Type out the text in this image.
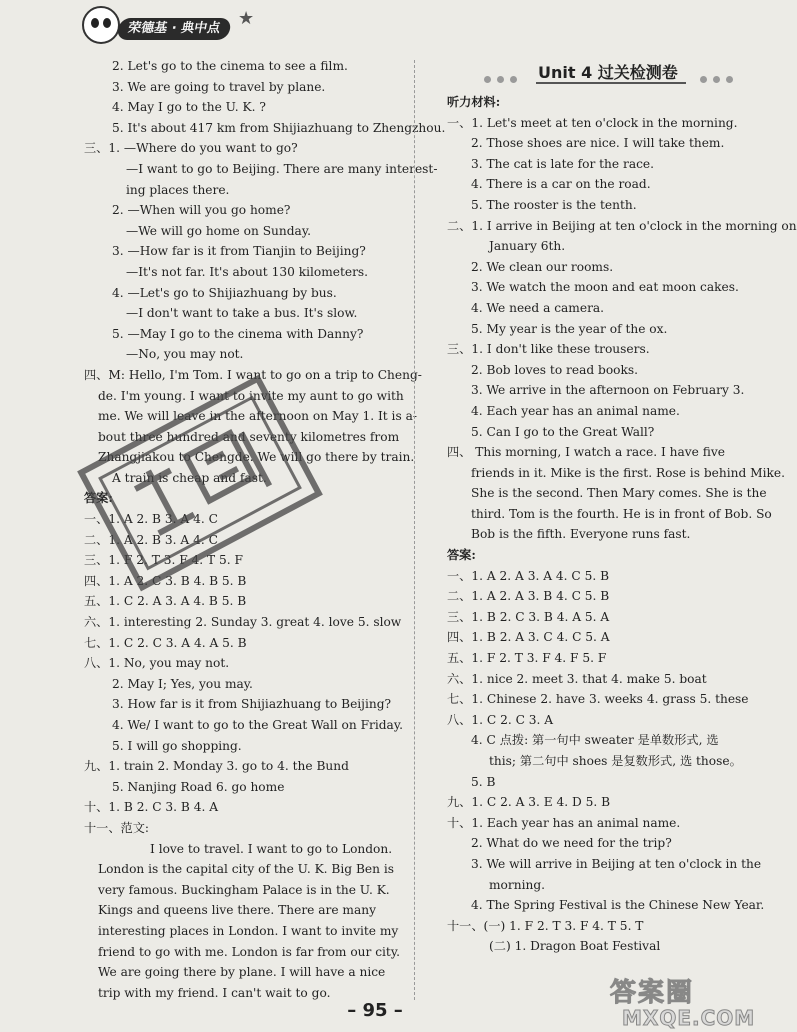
荣德基 · 典中点 ★
2. Let's go to the cinema to see a film.
3. We are going to travel by plane.
4. May I go to the U. K. ?
5. It's about 417 km from Shijiazhuang to Zhengzhou.
三、1. —Where do you want to go?
—I want to go to Beijing. There are many interest-
ing places there.
2. —When will you go home?
—We will go home on Sunday.
3. —How far is it from Tianjin to Beijing?
—It's not far. It's about 130 kilometers.
4. —Let's go to Shijiazhuang by bus.
—I don't want to take a bus. It's slow.
5. —May I go to the cinema with Danny?
—No, you may not.
四、M: Hello, I'm Tom. I want to go on a trip to Cheng-
de. I'm young. I want to invite my aunt to go with
me. We will leave in the afternoon on May 1. It is a-
bout three hundred and seventy kilometres from
Zhangjiakou to Chengde. We will go there by train.
A train is cheap and fast.
答案:
一、1. A 2. B 3. A 4. C
二、1. A 2. B 3. A 4. C
三、1. F 2. T 3. F 4. T 5. F
四、1. A 2. C 3. B 4. B 5. B
五、1. C 2. A 3. A 4. B 5. B
六、1. interesting 2. Sunday 3. great 4. love 5. slow
七、1. C 2. C 3. A 4. A 5. B
八、1. No, you may not.
2. May I; Yes, you may.
3. How far is it from Shijiazhuang to Beijing?
4. We/ I want to go to the Great Wall on Friday.
5. I will go shopping.
九、1. train 2. Monday 3. go to 4. the Bund
5. Nanjing Road 6. go home
十、1. B 2. C 3. B 4. A
十一、范文:
I love to travel. I want to go to London.
London is the capital city of the U. K. Big Ben is
very famous. Buckingham Palace is in the U. K.
Kings and queens live there. There are many
interesting places in London. I want to invite my
friend to go with me. London is far from our city.
We are going there by plane. I will have a nice
trip with my friend. I can't wait to go.
Unit 4 过关检测卷
听力材料:
一、1. Let's meet at ten o'clock in the morning.
2. Those shoes are nice. I will take them.
3. The cat is late for the race.
4. There is a car on the road.
5. The rooster is the tenth.
二、1. I arrive in Beijing at ten o'clock in the morning on
January 6th.
2. We clean our rooms.
3. We watch the moon and eat moon cakes.
4. We need a camera.
5. My year is the year of the ox.
三、1. I don't like these trousers.
2. Bob loves to read books.
3. We arrive in the afternoon on February 3.
4. Each year has an animal name.
5. Can I go to the Great Wall?
四、 This morning, I watch a race. I have five
friends in it. Mike is the first. Rose is behind Mike.
She is the second. Then Mary comes. She is the
third. Tom is the fourth. He is in front of Bob. So
Bob is the fifth. Everyone runs fast.
答案:
一、1. A 2. A 3. A 4. C 5. B
二、1. A 2. A 3. B 4. C 5. B
三、1. B 2. C 3. B 4. A 5. A
四、1. B 2. A 3. C 4. C 5. A
五、1. F 2. T 3. F 4. F 5. F
六、1. nice 2. meet 3. that 4. make 5. boat
七、1. Chinese 2. have 3. weeks 4. grass 5. these
八、1. C 2. C 3. A
4. C 点拨: 第一句中 sweater 是单数形式, 选
this; 第二句中 shoes 是复数形式, 选 those。
5. B
九、1. C 2. A 3. E 4. D 5. B
十、1. Each year has an animal name.
2. What do we need for the trip?
3. We will arrive in Beijing at ten o'clock in the
morning.
4. The Spring Festival is the Chinese New Year.
十一、(一) 1. F 2. T 3. F 4. T 5. T
(二) 1. Dragon Boat Festival
– 95 –
答案圈
MXQE.COM
